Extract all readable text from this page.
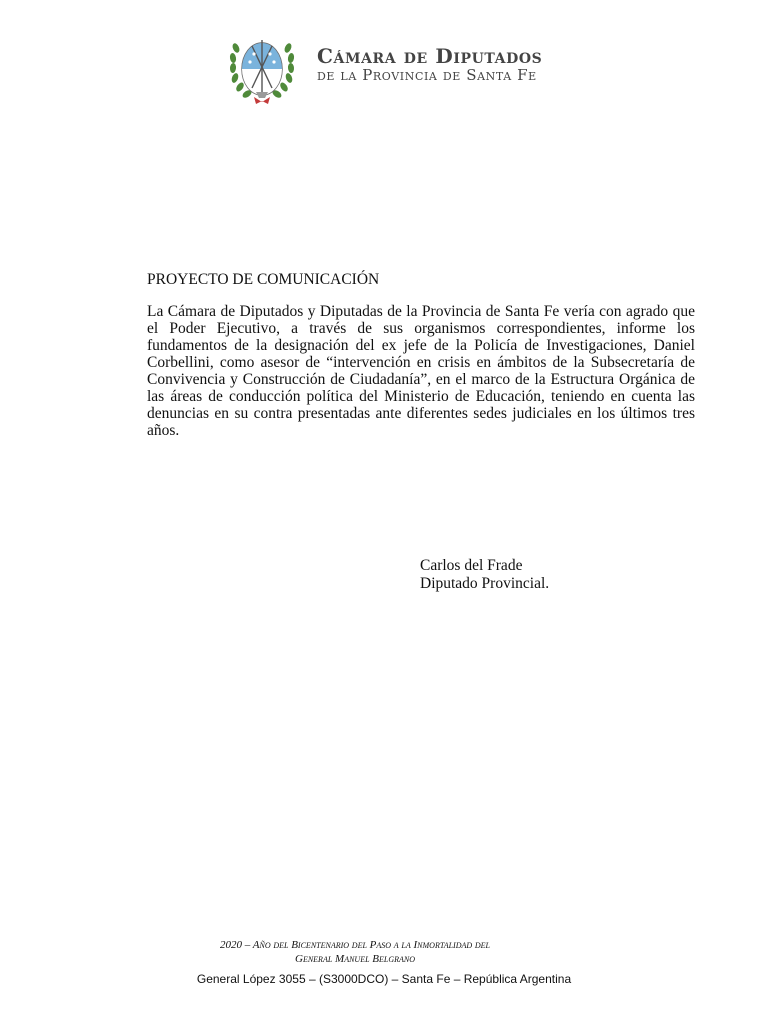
Cámara de Diputados
de la Provincia de Santa Fe

PROYECTO DE COMUNICACIÓN

La Cámara de Diputados y Diputadas de la Provincia de Santa Fe vería con agrado que el Poder Ejecutivo, a través de sus organismos correspondientes, informe los fundamentos de la designación del ex jefe de la Policía de Investigaciones, Daniel Corbellini, como asesor de “intervención en crisis en ámbitos de la Subsecretaría de Convivencia y Construcción de Ciudadanía”, en el marco de la Estructura Orgánica de las áreas de conducción política del Ministerio de Educación, teniendo en cuenta las denuncias en su contra presentadas ante diferentes sedes judiciales en los últimos tres años.

Carlos del Frade
Diputado Provincial.
2020 – Año del Bicentenario del Paso a la Inmortalidad del
General Manuel Belgrano
General López 3055 – (S3000DCO) – Santa Fe – República Argentina
